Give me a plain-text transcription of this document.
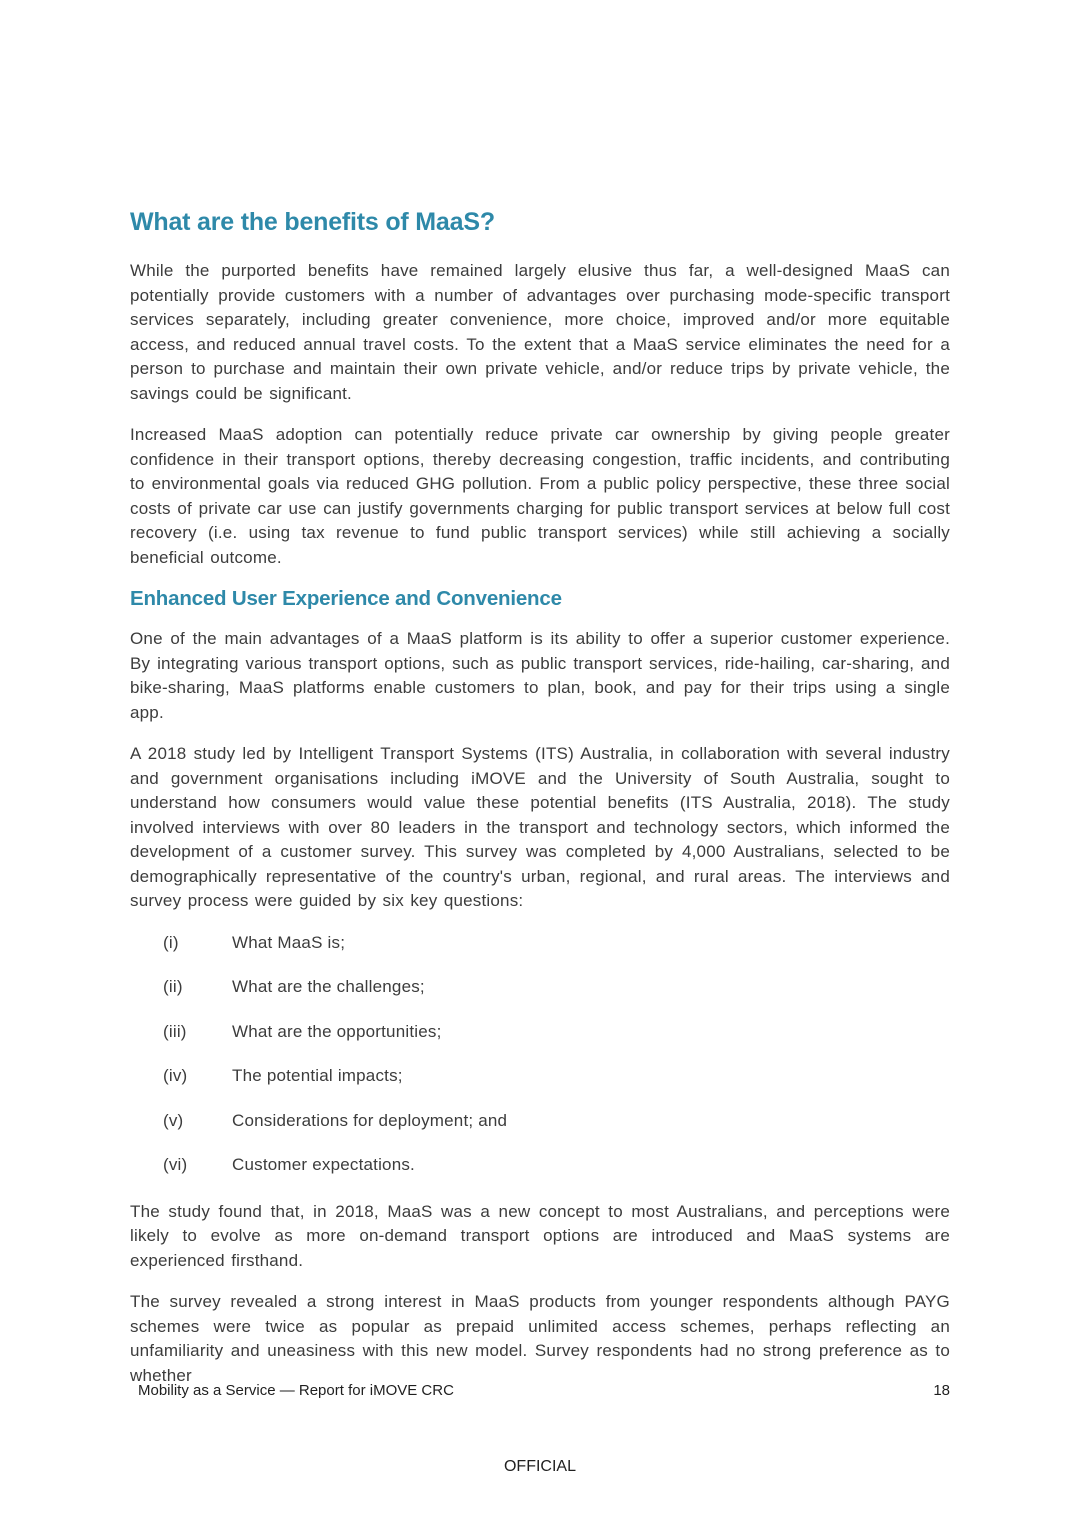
What are the benefits of MaaS?

While the purported benefits have remained largely elusive thus far, a well-designed MaaS can potentially provide customers with a number of advantages over purchasing mode-specific transport services separately, including greater convenience, more choice, improved and/or more equitable access, and reduced annual travel costs. To the extent that a MaaS service eliminates the need for a person to purchase and maintain their own private vehicle, and/or reduce trips by private vehicle, the savings could be significant.

Increased MaaS adoption can potentially reduce private car ownership by giving people greater confidence in their transport options, thereby decreasing congestion, traffic incidents, and contributing to environmental goals via reduced GHG pollution. From a public policy perspective, these three social costs of private car use can justify governments charging for public transport services at below full cost recovery (i.e. using tax revenue to fund public transport services) while still achieving a socially beneficial outcome.

Enhanced User Experience and Convenience

One of the main advantages of a MaaS platform is its ability to offer a superior customer experience. By integrating various transport options, such as public transport services, ride-hailing, car-sharing, and bike-sharing, MaaS platforms enable customers to plan, book, and pay for their trips using a single app.

A 2018 study led by Intelligent Transport Systems (ITS) Australia, in collaboration with several industry and government organisations including iMOVE and the University of South Australia, sought to understand how consumers would value these potential benefits (ITS Australia, 2018). The study involved interviews with over 80 leaders in the transport and technology sectors, which informed the development of a customer survey. This survey was completed by 4,000 Australians, selected to be demographically representative of the country's urban, regional, and rural areas. The interviews and survey process were guided by six key questions:

(i)	What MaaS is;
(ii)	What are the challenges;
(iii)	What are the opportunities;
(iv)	The potential impacts;
(v)	Considerations for deployment; and
(vi)	Customer expectations.

The study found that, in 2018, MaaS was a new concept to most Australians, and perceptions were likely to evolve as more on-demand transport options are introduced and MaaS systems are experienced firsthand.

The survey revealed a strong interest in MaaS products from younger respondents although PAYG schemes were twice as popular as prepaid unlimited access schemes, perhaps reflecting an unfamiliarity and uneasiness with this new model. Survey respondents had no strong preference as to whether

Mobility as a Service — Report for iMOVE CRC	18
OFFICIAL
